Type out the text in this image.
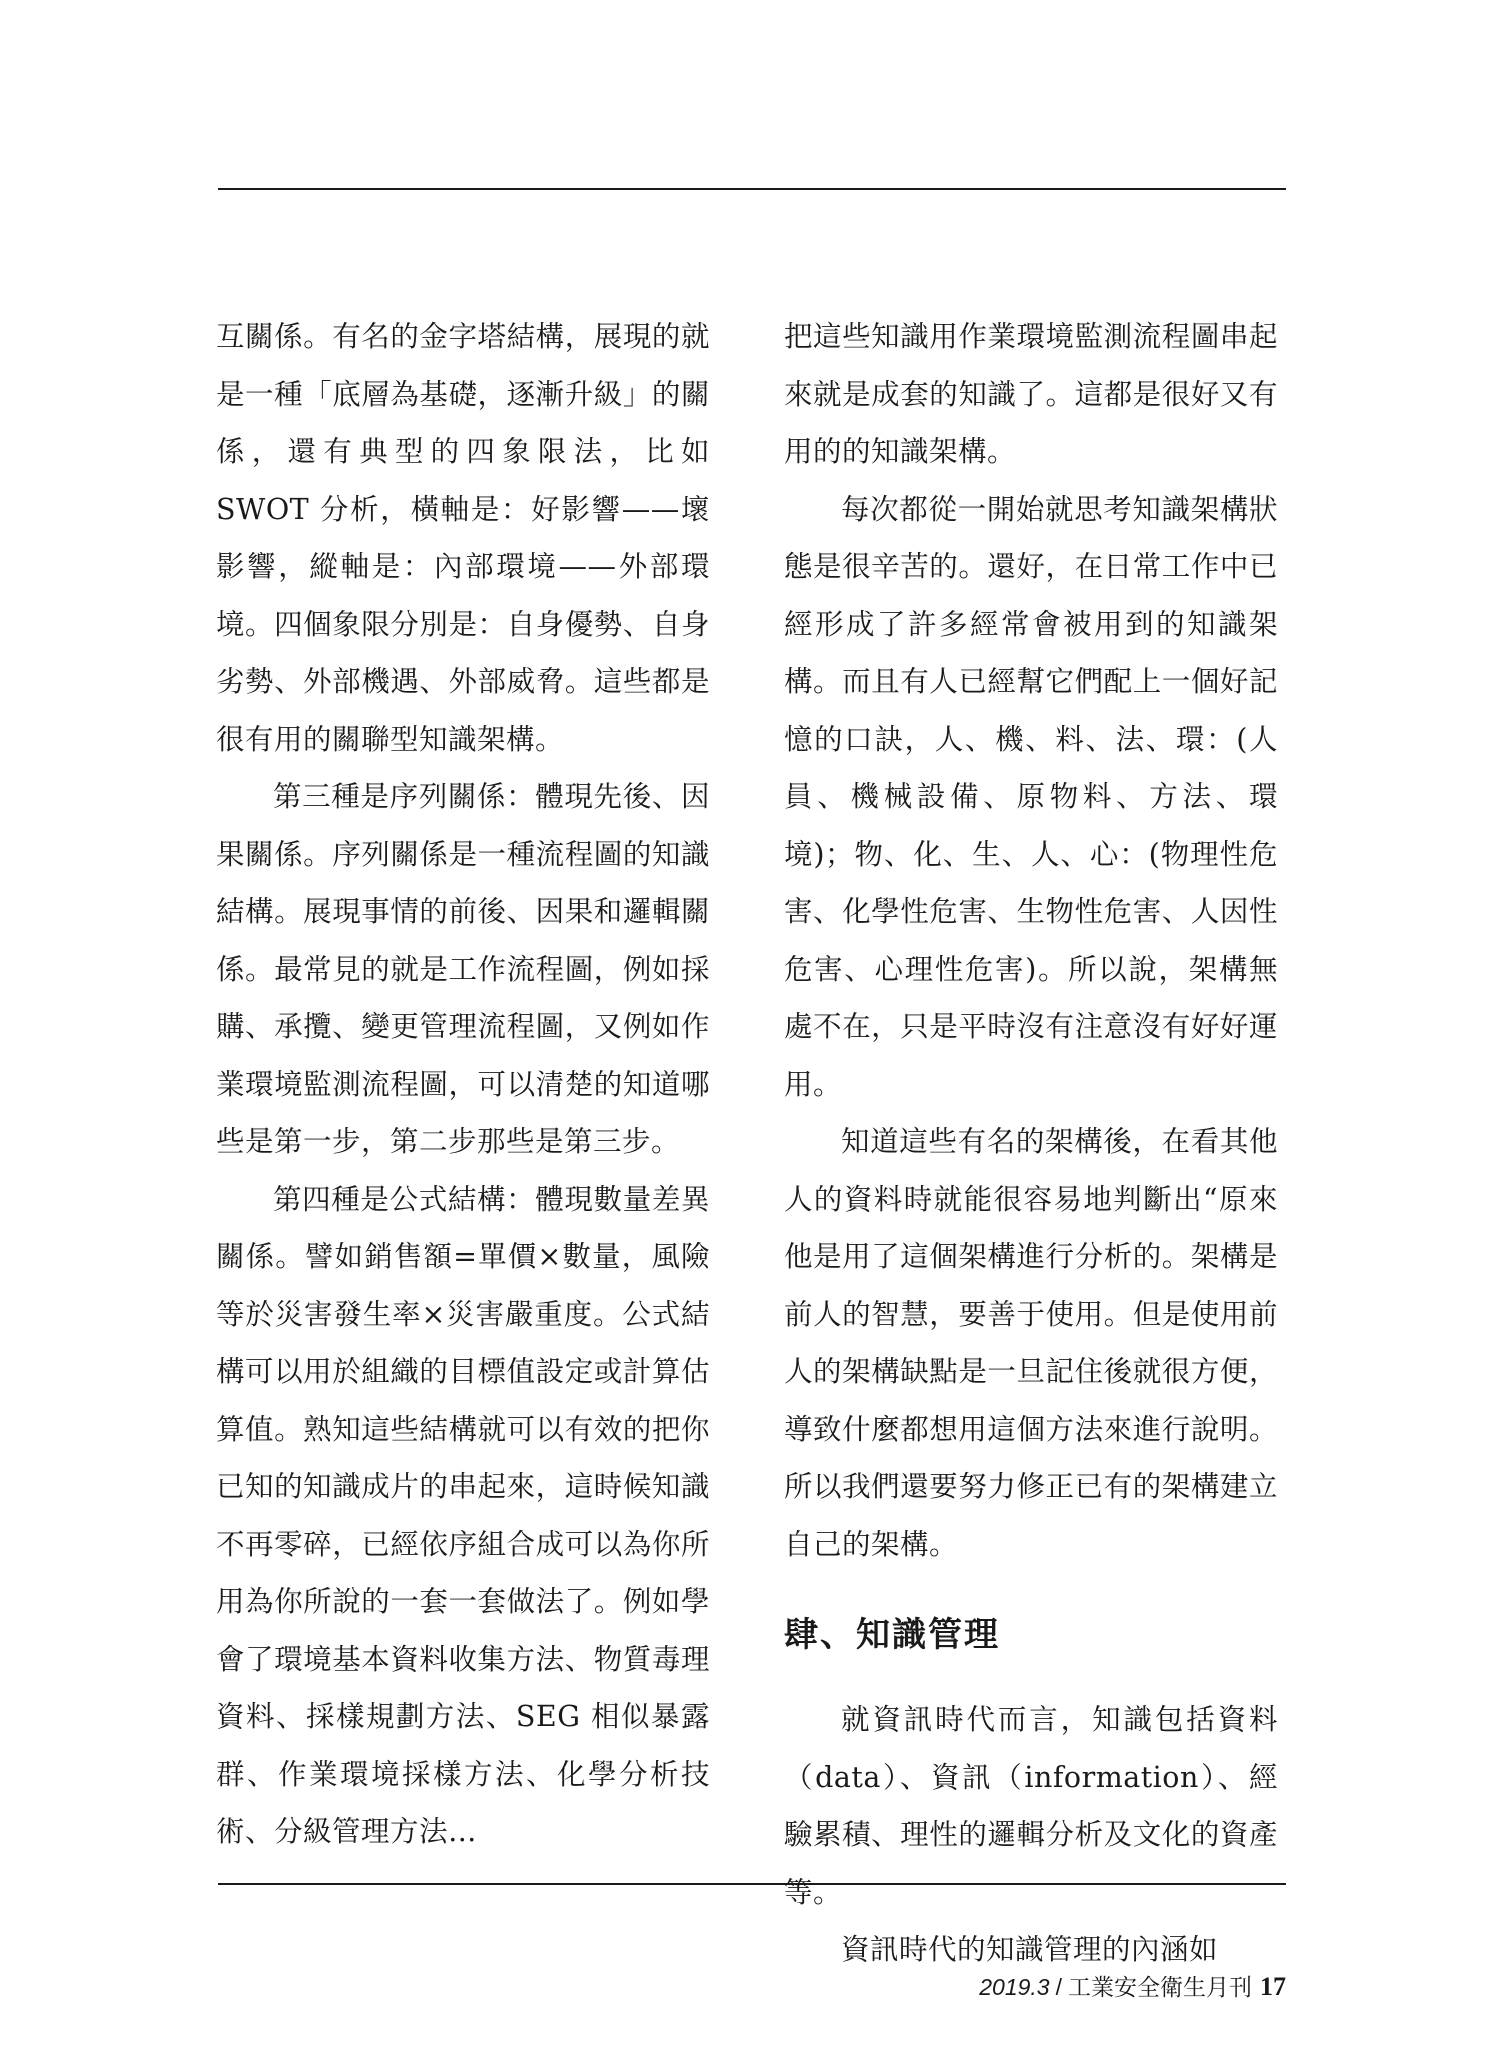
互關係。有名的金字塔結構，展現的就是一種「底層為基礎，逐漸升級」的關係，還有典型的四象限法，比如 SWOT 分析，橫軸是：好影響——壞影響，縱軸是：內部環境——外部環境。四個象限分別是：自身優勢、自身劣勢、外部機遇、外部威脅。這些都是很有用的關聯型知識架構。

第三種是序列關係：體現先後、因果關係。序列關係是一種流程圖的知識結構。展現事情的前後、因果和邏輯關係。最常見的就是工作流程圖，例如採購、承攬、變更管理流程圖，又例如作業環境監測流程圖，可以清楚的知道哪些是第一步，第二步那些是第三步。

第四種是公式結構：體現數量差異關係。譬如銷售額=單價×數量，風險等於災害發生率×災害嚴重度。公式結構可以用於組織的目標值設定或計算估算值。熟知這些結構就可以有效的把你已知的知識成片的串起來，這時候知識不再零碎，已經依序組合成可以為你所用為你所說的一套一套做法了。例如學會了環境基本資料收集方法、物質毒理資料、採樣規劃方法、SEG 相似暴露群、作業環境採樣方法、化學分析技術、分級管理方法…

把這些知識用作業環境監測流程圖串起來就是成套的知識了。這都是很好又有用的的知識架構。

每次都從一開始就思考知識架構狀態是很辛苦的。還好，在日常工作中已經形成了許多經常會被用到的知識架構。而且有人已經幫它們配上一個好記憶的口訣，人、機、料、法、環：(人員、機械設備、原物料、方法、環境)；物、化、生、人、心：(物理性危害、化學性危害、生物性危害、人因性危害、心理性危害)。所以說，架構無處不在，只是平時沒有注意沒有好好運用。

知道這些有名的架構後，在看其他人的資料時就能很容易地判斷出“原來他是用了這個架構進行分析的。架構是前人的智慧，要善于使用。但是使用前人的架構缺點是一旦記住後就很方便，導致什麼都想用這個方法來進行說明。所以我們還要努力修正已有的架構建立自己的架構。

肆、知識管理

就資訊時代而言，知識包括資料（data）、資訊（information）、經驗累積、理性的邏輯分析及文化的資產等。

資訊時代的知識管理的內涵如

2019.3 / 工業安全衛生月刊 17
